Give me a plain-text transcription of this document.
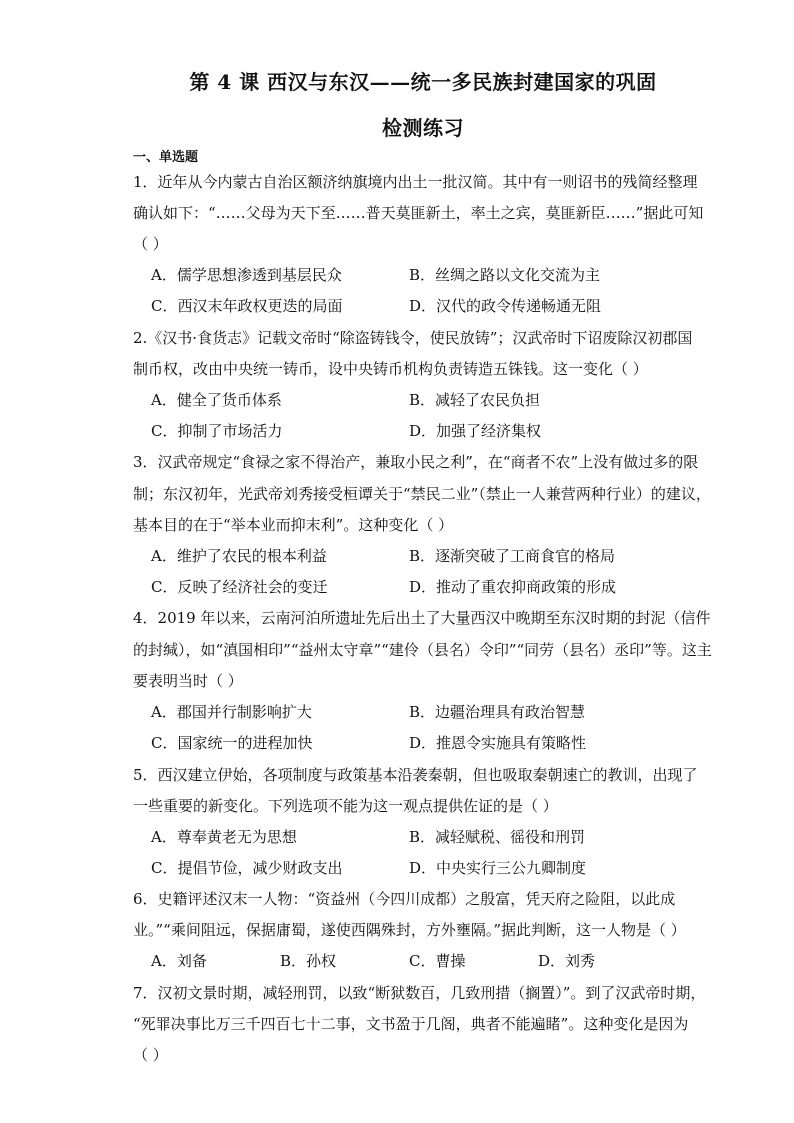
第 4 课 西汉与东汉——统一多民族封建国家的巩固
检测练习
一、单选题
1．近年从今内蒙古自治区额济纳旗境内出土一批汉简。其中有一则诏书的残简经整理
确认如下：“……父母为天下至……普天莫匪新土，率土之宾，莫匪新臣……”据此可知
（ ）
A．儒学思想渗透到基层民众	B．丝绸之路以文化交流为主
C．西汉末年政权更迭的局面	D．汉代的政令传递畅通无阻
2.《汉书·食货志》记载文帝时“除盗铸钱令，使民放铸”；汉武帝时下诏废除汉初郡国
制币权，改由中央统一铸币，设中央铸币机构负责铸造五铢钱。这一变化（ ）
A．健全了货币体系	B．减轻了农民负担
C．抑制了市场活力	D．加强了经济集权
3．汉武帝规定“食禄之家不得治产，兼取小民之利”，在“商者不农”上没有做过多的限
制；东汉初年，光武帝刘秀接受桓谭关于“禁民二业”（禁止一人兼营两种行业）的建议，
基本目的在于“举本业而抑末利”。这种变化（ ）
A．维护了农民的根本利益	B．逐渐突破了工商食官的格局
C．反映了经济社会的变迁	D．推动了重农抑商政策的形成
4．2019 年以来，云南河泊所遗址先后出土了大量西汉中晚期至东汉时期的封泥（信件
的封缄），如“滇国相印”“益州太守章”“建伶（县名）令印”“同劳（县名）丞印”等。这主
要表明当时（ ）
A．郡国并行制影响扩大	B．边疆治理具有政治智慧
C．国家统一的进程加快	D．推恩令实施具有策略性
5．西汉建立伊始，各项制度与政策基本沿袭秦朝，但也吸取秦朝速亡的教训，出现了
一些重要的新变化。下列选项不能为这一观点提供佐证的是（ ）
A．尊奉黄老无为思想	B．减轻赋税、徭役和刑罚
C．提倡节俭，减少财政支出	D．中央实行三公九卿制度
6．史籍评述汉末一人物：“资益州（今四川成都）之殷富，凭天府之险阻，以此成
业。”“乘间阻远，保据庸蜀，遂使西隅殊封，方外壅隔。”据此判断，这一人物是（ ）
A．刘备	B．孙权	C．曹操	D．刘秀
7．汉初文景时期，减轻刑罚，以致“断狱数百，几致刑措（搁置）”。到了汉武帝时期，
“死罪决事比万三千四百七十二事，文书盈于几阁，典者不能遍睹”。这种变化是因为
（ ）
